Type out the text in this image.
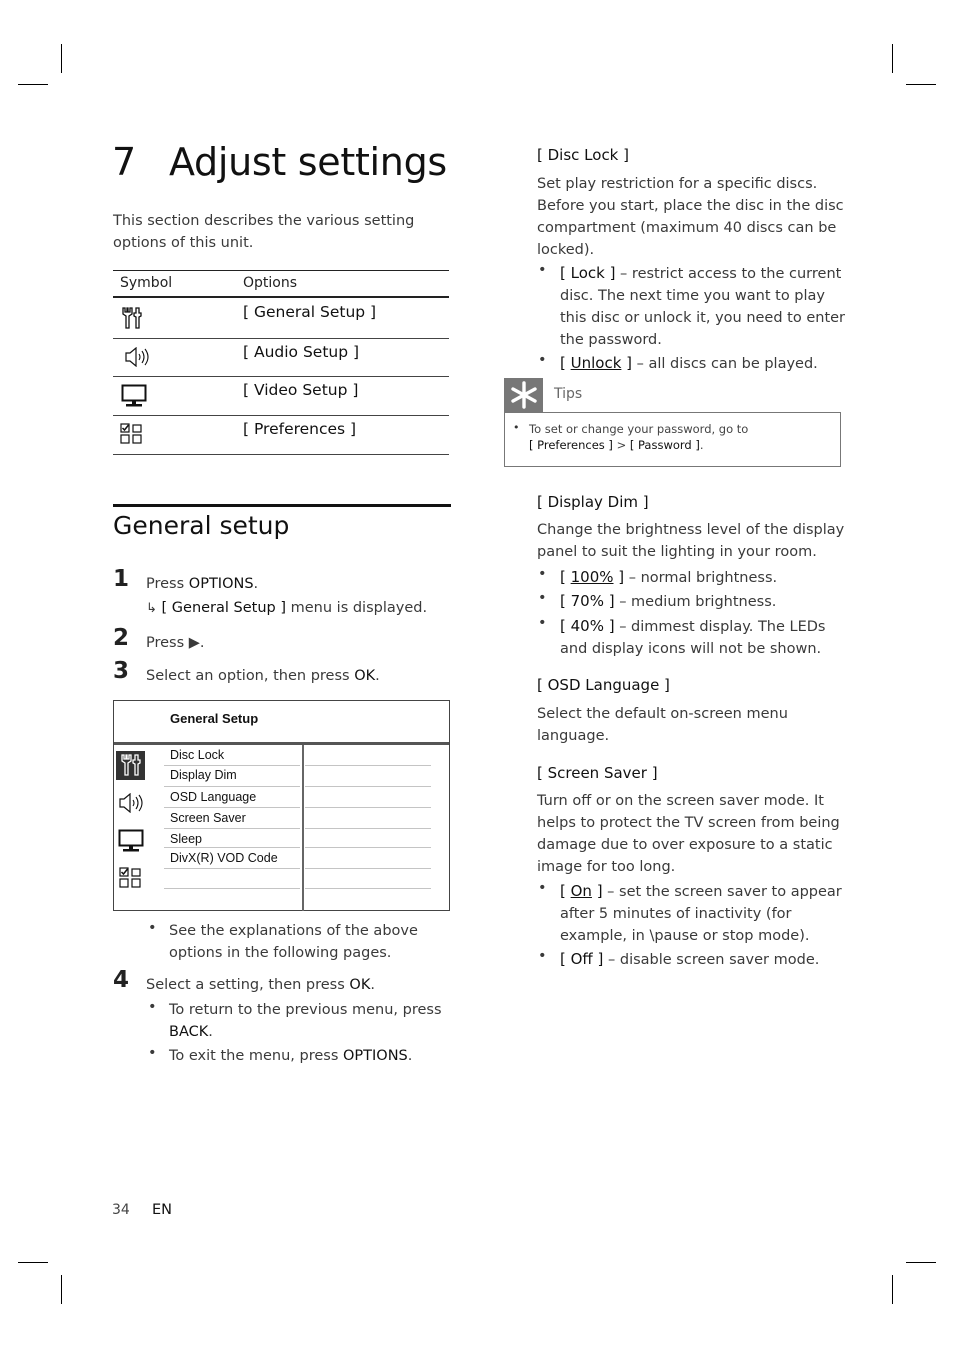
7 Adjust settings
This section describes the various setting
options of this unit.
Symbol	Options
[ General Setup ]
[ Audio Setup ]
[ Video Setup ]
[ Preferences ]
General setup
1 Press OPTIONS.
↳ [ General Setup ] menu is displayed.
2 Press ▶.
3 Select an option, then press OK.
General Setup
Disc Lock
Display Dim
OSD Language
Screen Saver
Sleep
DivX(R) VOD Code
• See the explanations of the above
options in the following pages.
4 Select a setting, then press OK.
• To return to the previous menu, press
BACK.
• To exit the menu, press OPTIONS.
[ Disc Lock ]
Set play restriction for a specific discs.
Before you start, place the disc in the disc
compartment (maximum 40 discs can be
locked).
• [ Lock ] – restrict access to the current
disc. The next time you want to play
this disc or unlock it, you need to enter
the password.
• [ Unlock ] – all discs can be played.
Tips
• To set or change your password, go to
[ Preferences ] > [ Password ].
[ Display Dim ]
Change the brightness level of the display
panel to suit the lighting in your room.
• [ 100% ] – normal brightness.
• [ 70% ] – medium brightness.
• [ 40% ] – dimmest display. The LEDs
and display icons will not be shown.
[ OSD Language ]
Select the default on-screen menu
language.
[ Screen Saver ]
Turn off or on the screen saver mode. It
helps to protect the TV screen from being
damage due to over exposure to a static
image for too long.
• [ On ] – set the screen saver to appear
after 5 minutes of inactivity (for
example, in \pause or stop mode).
• [ Off ] – disable screen saver mode.
34 EN
